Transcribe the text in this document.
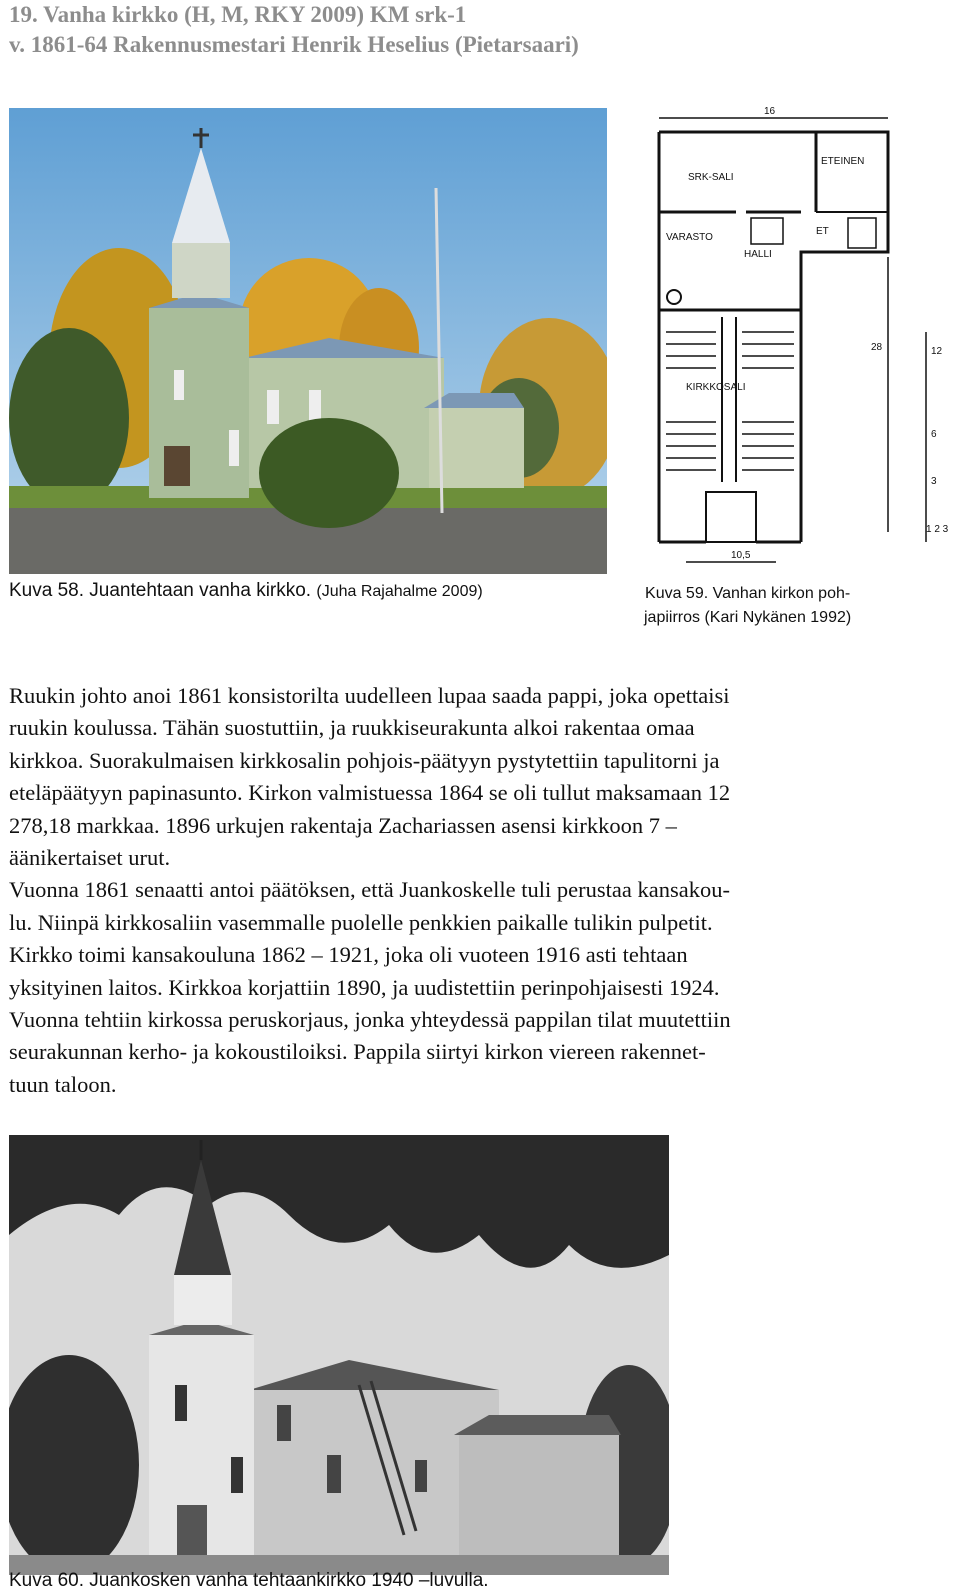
19. Vanha kirkko (H, M, RKY 2009) KM srk-1
v. 1861-64 Rakennusmestari Henrik Heselius (Pietarsaari)
Kuva 58. Juantehtaan vanha kirkko. (Juha Rajahalme 2009)
16
SRK-SALI
ETEINEN
VARASTO
HALLI
ET
KIRKKOSALI
28
10,5
12
6
3
1 2 3
Kuva 59. Vanhan kirkon poh-
japiirros (Kari Nykänen 1992)
Ruukin johto anoi 1861 konsistorilta uudelleen lupaa saada pappi, joka opettaisi
ruukin koulussa. Tähän suostuttiin, ja ruukkiseurakunta alkoi rakentaa omaa
kirkkoa. Suorakulmaisen kirkkosalin pohjois-päätyyn pystytettiin tapulitorni ja
eteläpäätyyn papinasunto. Kirkon valmistuessa 1864 se oli tullut maksamaan 12
278,18 markkaa. 1896 urkujen rakentaja Zachariassen asensi kirkkoon 7 –
äänikertaiset urut.
Vuonna 1861 senaatti antoi päätöksen, että Juankoskelle tuli perustaa kansakou-
lu. Niinpä kirkkosaliin vasemmalle puolelle penkkien paikalle tulikin pulpetit.
Kirkko toimi kansakouluna 1862 – 1921, joka oli vuoteen 1916 asti tehtaan
yksityinen laitos. Kirkkoa korjattiin 1890, ja uudistettiin perinpohjaisesti 1924.
Vuonna tehtiin kirkossa peruskorjaus, jonka yhteydessä pappilan tilat muutettiin
seurakunnan kerho- ja kokoustiloiksi. Pappila siirtyi kirkon viereen rakennet-
tuun taloon.
Kuva 60. Juankosken vanha tehtaankirkko 1940 –luvulla.
